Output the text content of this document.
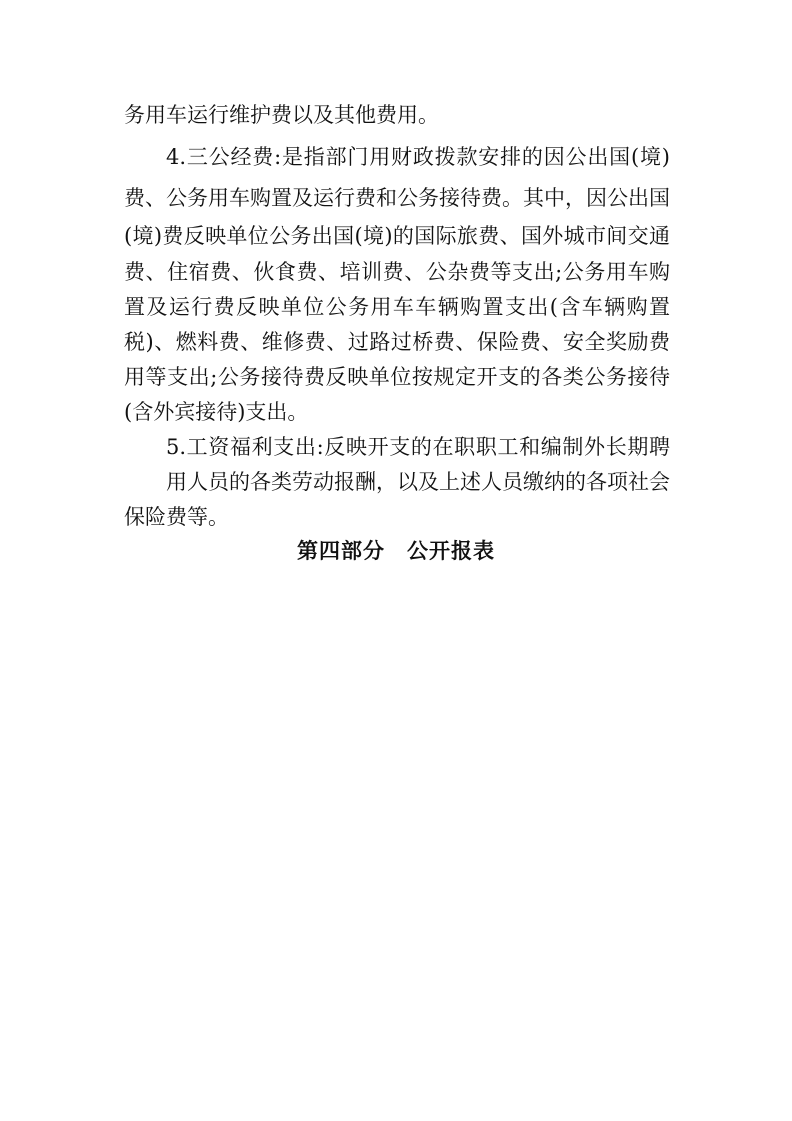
务用车运行维护费以及其他费用。
4.三公经费:是指部门用财政拨款安排的因公出国(境)
费、公务用车购置及运行费和公务接待费。其中，因公出国
(境)费反映单位公务出国(境)的国际旅费、国外城市间交通
费、住宿费、伙食费、培训费、公杂费等支出;公务用车购
置及运行费反映单位公务用车车辆购置支出(含车辆购置
税)、燃料费、维修费、过路过桥费、保险费、安全奖励费
用等支出;公务接待费反映单位按规定开支的各类公务接待
(含外宾接待)支出。
5.工资福利支出:反映开支的在职职工和编制外长期聘
用人员的各类劳动报酬，以及上述人员缴纳的各项社会
保险费等。
第四部分　公开报表
